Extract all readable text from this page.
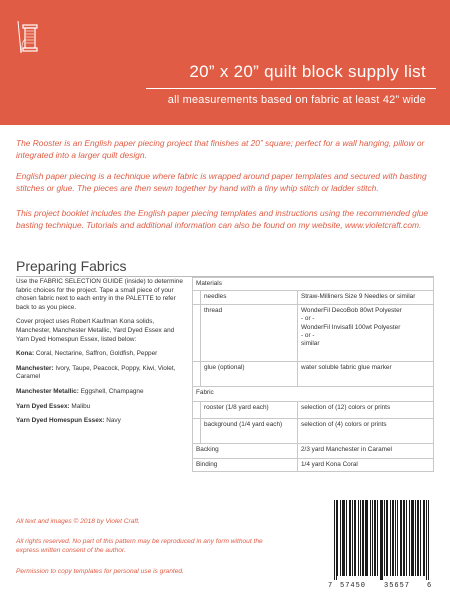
20” x 20” quilt block supply list
all measurements based on fabric at least 42” wide

The Rooster is an English paper piecing project that finishes at 20” square; perfect for a wall hanging, pillow or integrated into a larger quilt design.

English paper piecing is a technique where fabric is wrapped around paper templates and secured with basting stitches or glue. The pieces are then sewn together by hand with a tiny whip stitch or ladder stitch.

This project booklet includes the English paper piecing templates and instructions using the recommended glue basting technique. Tutorials and additional information can also be found on my website, www.violetcraft.com.

Preparing Fabrics

Use the FABRIC SELECTION GUIDE (inside) to determine fabric choices for the project. Tape a small piece of your chosen fabric next to each entry in the PALETTE to refer back to as you piece.

Cover project uses Robert Kaufman Kona solids, Manchester, Manchester Metallic, Yard Dyed Essex and Yarn Dyed Homespun Essex, listed below:

Kona: Coral, Nectarine, Saffron, Goldfish, Pepper

Manchester: Ivory, Taupe, Peacock, Poppy, Kiwi, Violet, Caramel

Manchester Metallic: Eggshell, Champagne

Yarn Dyed Essex: Malibu

Yarn Dyed Homespun Essex: Navy

Materials		
	needles	Straw-Milliners Size 9 Needles or similar
	thread	WonderFil DecoBob 80wt Polyester
- or -
WonderFil Invisafil 100wt Polyester
- or -
similar

	glue (optional)	water soluble fabric glue marker
Fabric		
	rooster (1/8 yard each)	selection of (12) colors or prints
	background (1/4 yard each)	selection of (4) colors or prints
Backing		2/3 yard Manchester in Caramel
Binding		1/4 yard Kona Coral

All text and images © 2018 by Violet Craft.

All rights reserved. No part of this pattern may be reproduced in any form without the express written consent of the author.

Permission to copy templates for personal use is granted.

7 57450	35657 6
